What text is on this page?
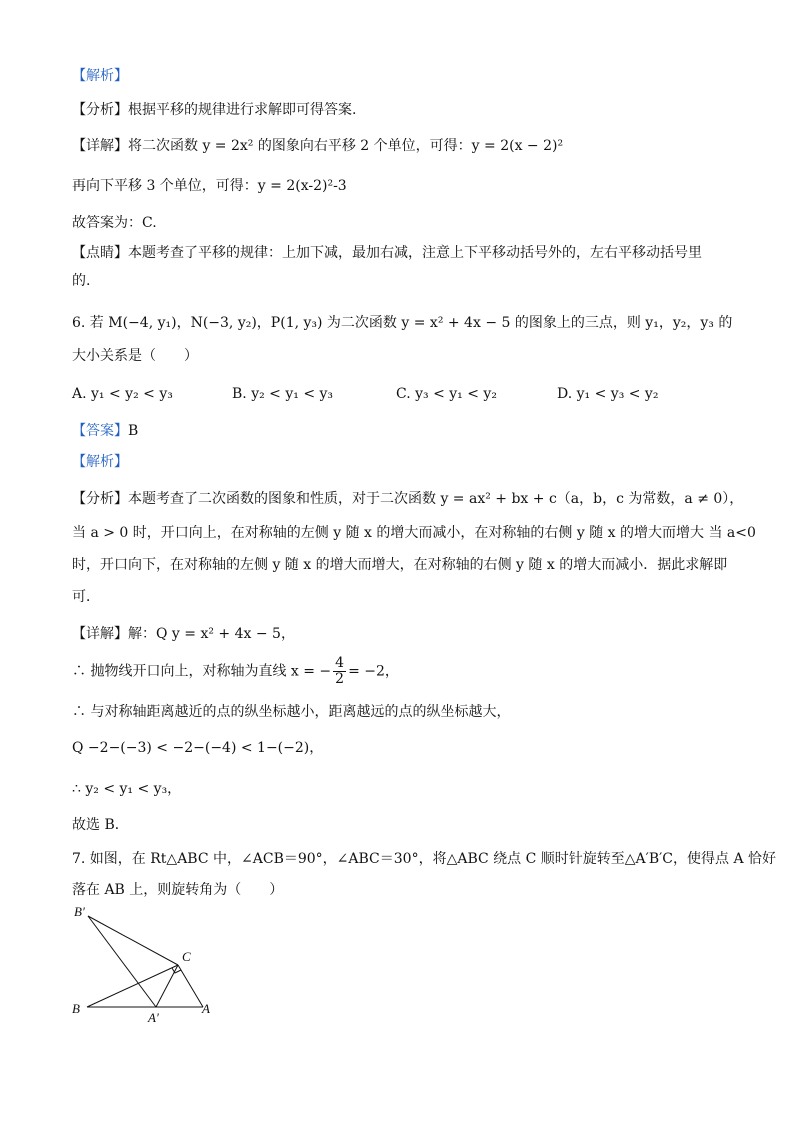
【解析】
【分析】根据平移的规律进行求解即可得答案.
【详解】将二次函数 y = 2x² 的图象向右平移 2 个单位，可得：y = 2(x − 2)²
再向下平移 3 个单位，可得：y = 2(x-2)²-3
故答案为：C.
【点睛】本题考查了平移的规律：上加下减，最加右减，注意上下平移动括号外的，左右平移动括号里
的.
6. 若 M(−4, y₁)，N(−3, y₂)，P(1, y₃) 为二次函数 y = x² + 4x − 5 的图象上的三点，则 y₁，y₂，y₃ 的
大小关系是（　　）
A. y₁ < y₂ < y₃	B. y₂ < y₁ < y₃	C. y₃ < y₁ < y₂	D. y₁ < y₃ < y₂
【答案】B
【解析】
【分析】本题考查了二次函数的图象和性质，对于二次函数 y = ax² + bx + c（a，b，c 为常数，a ≠ 0），
当 a > 0 时，开口向上，在对称轴的左侧 y 随 x 的增大而减小，在对称轴的右侧 y 随 x 的增大而增大 当 a<0
时，开口向下，在对称轴的左侧 y 随 x 的增大而增大，在对称轴的右侧 y 随 x 的增大而减小．据此求解即
可．
【详解】解：Q y = x² + 4x − 5，
∴ 抛物线开口向上，对称轴为直线 x = − $\frac{4}{2} = -2$，
∴ 与对称轴距离越近的点的纵坐标越小，距离越远的点的纵坐标越大，
Q −2−(−3) < −2−(−4) < 1−(−2)，
∴ y₂ < y₁ < y₃，
故选 B．
7. 如图，在 Rt△ABC 中，∠ACB＝90°，∠ABC＝30°，将△ABC 绕点 C 顺时针旋转至△A′B′C，使得点 A 恰好
落在 AB 上，则旋转角为（　　）
B′
C
B
A′
A
